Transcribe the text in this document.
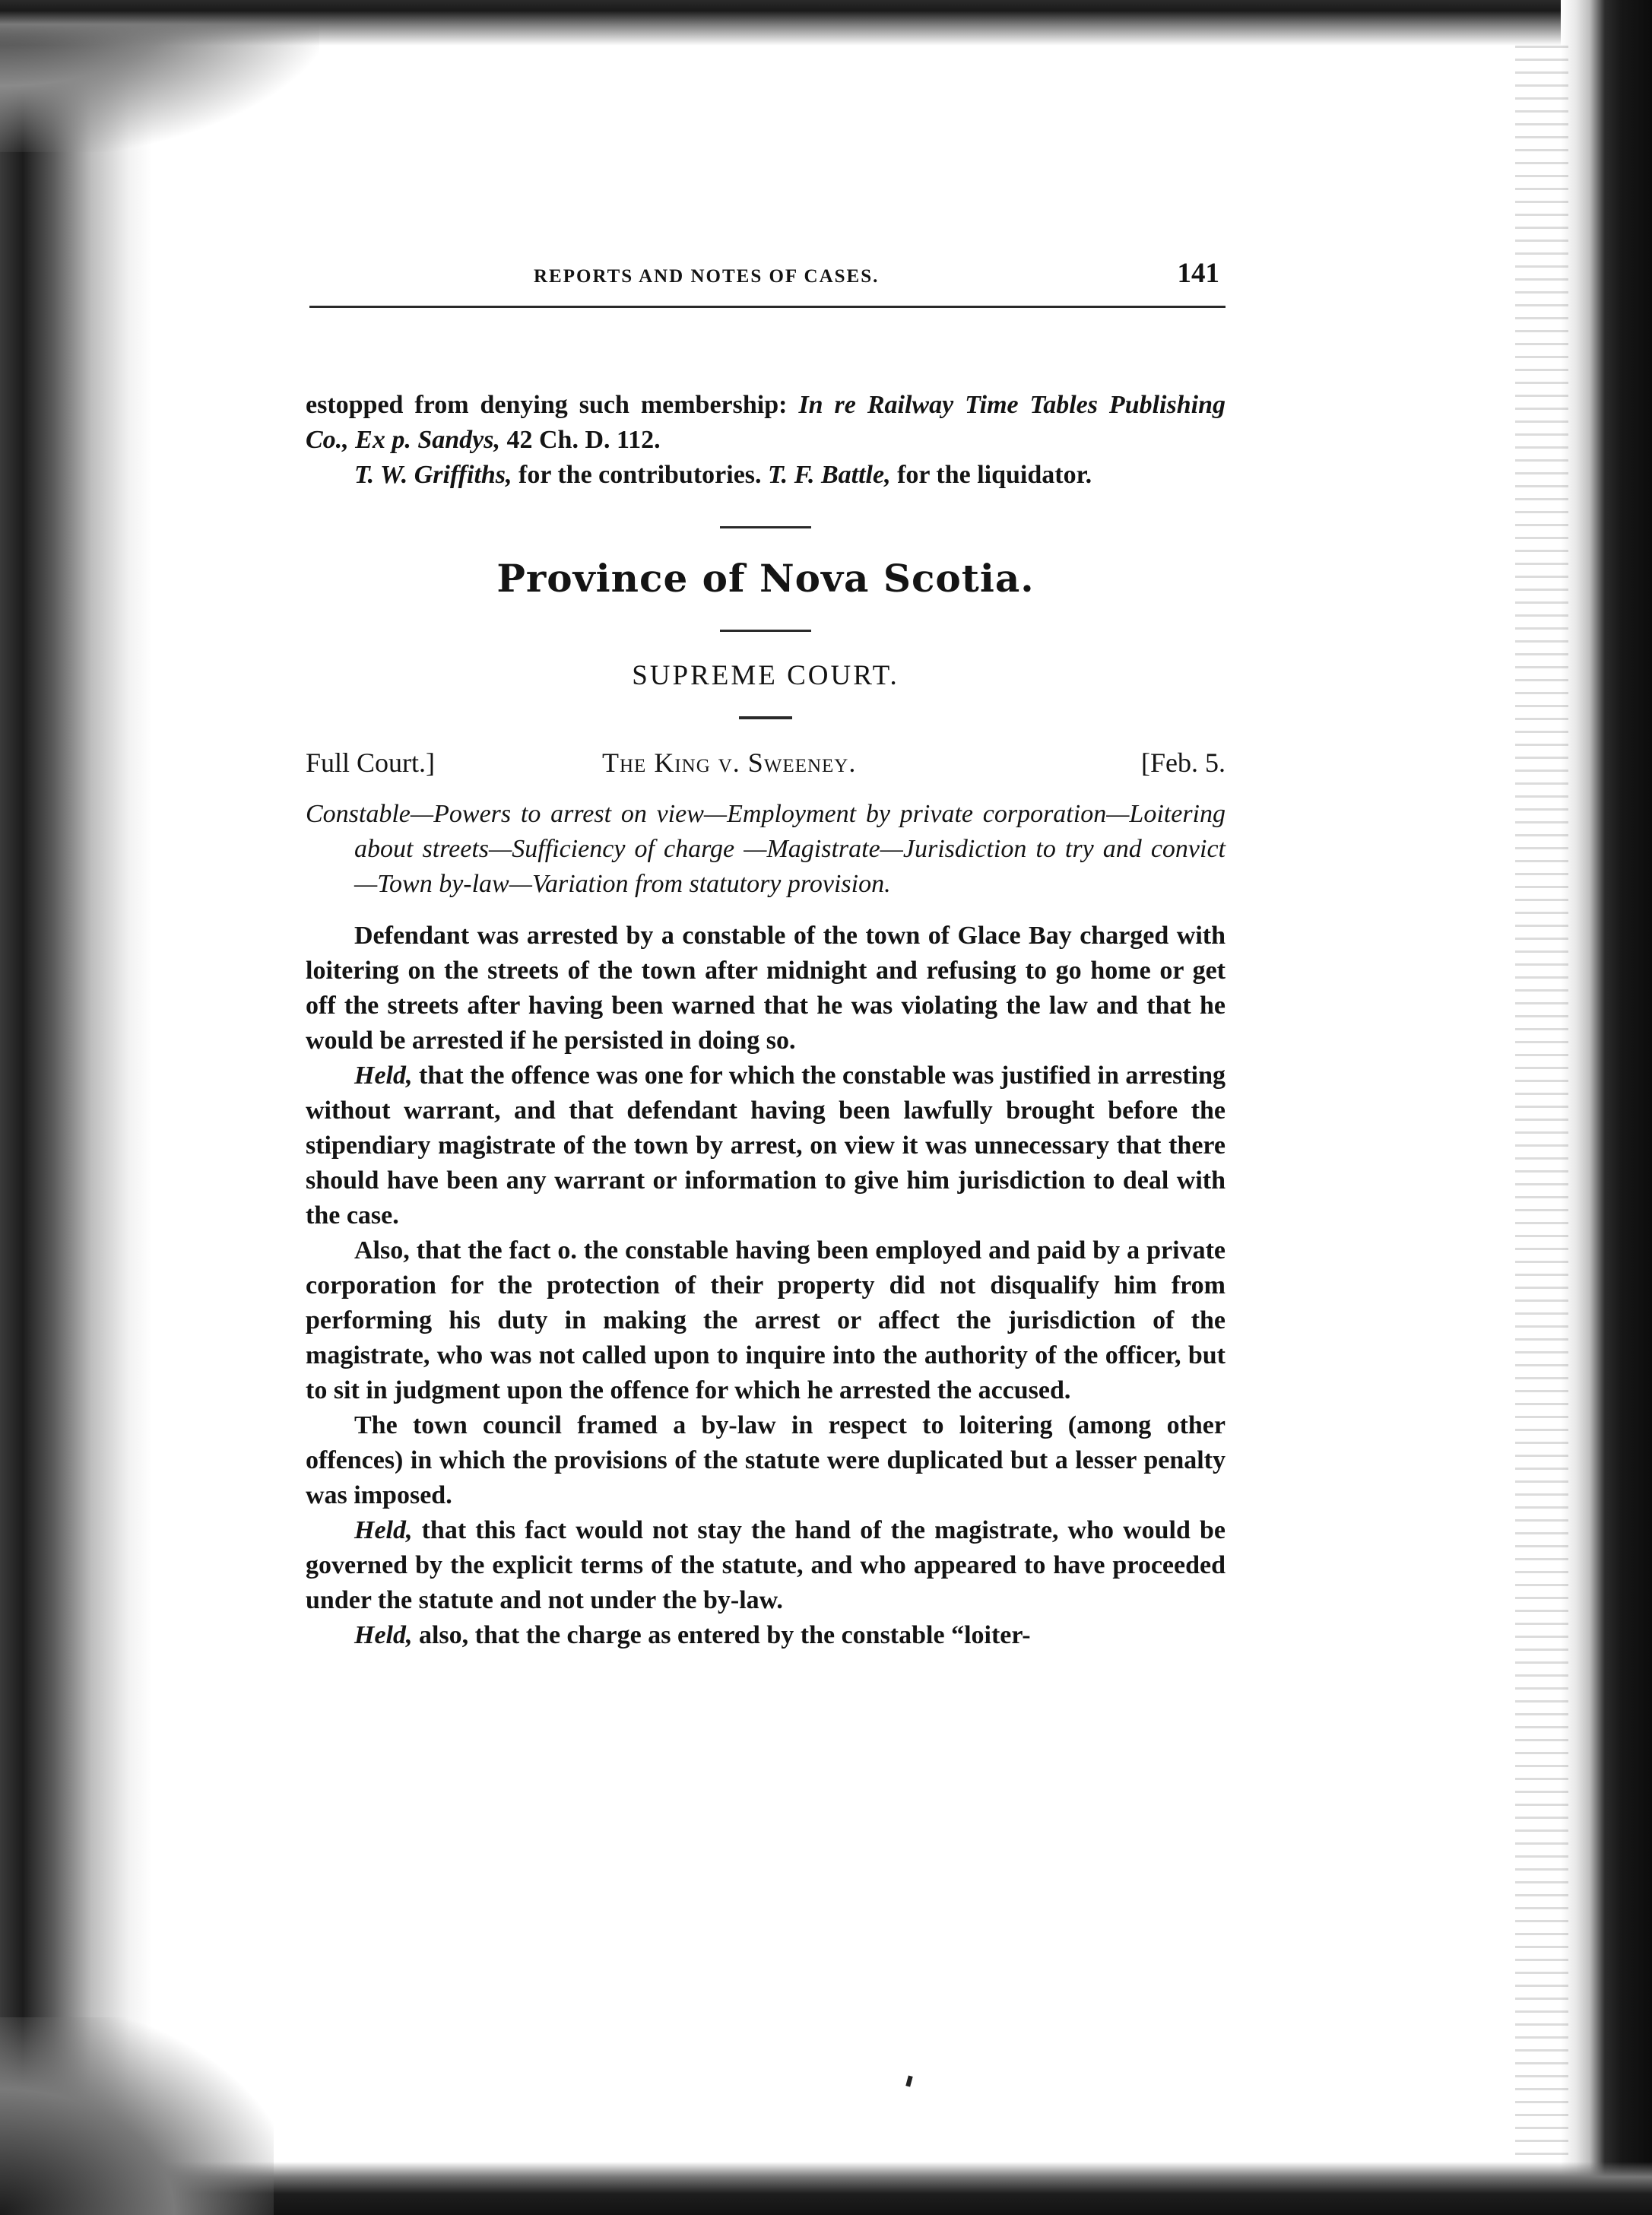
REPORTS AND NOTES OF CASES.	141

estopped from denying such membership: In re Railway Time Tables Publishing Co., Ex p. Sandys, 42 Ch. D. 112.

T. W. Griffiths, for the contributories. T. F. Battle, for the liquidator.

Province of Nova Scotia.
SUPREME COURT.
Full Court.]	The King v. Sweeney.	[Feb. 5.
Constable—Powers to arrest on view—Employment by private corporation—Loitering about streets—Sufficiency of charge —Magistrate—Jurisdiction to try and convict—Town by-law—Variation from statutory provision.

Defendant was arrested by a constable of the town of Glace Bay charged with loitering on the streets of the town after midnight and refusing to go home or get off the streets after having been warned that he was violating the law and that he would be arrested if he persisted in doing so.

Held, that the offence was one for which the constable was justified in arresting without warrant, and that defendant having been lawfully brought before the stipendiary magistrate of the town by arrest, on view it was unnecessary that there should have been any warrant or information to give him jurisdiction to deal with the case.

Also, that the fact o. the constable having been employed and paid by a private corporation for the protection of their property did not disqualify him from performing his duty in making the arrest or affect the jurisdiction of the magistrate, who was not called upon to inquire into the authority of the officer, but to sit in judgment upon the offence for which he arrested the accused.

The town council framed a by-law in respect to loitering (among other offences) in which the provisions of the statute were duplicated but a lesser penalty was imposed.

Held, that this fact would not stay the hand of the magistrate, who would be governed by the explicit terms of the statute, and who appeared to have proceeded under the statute and not under the by-law.

Held, also, that the charge as entered by the constable “loiter-
